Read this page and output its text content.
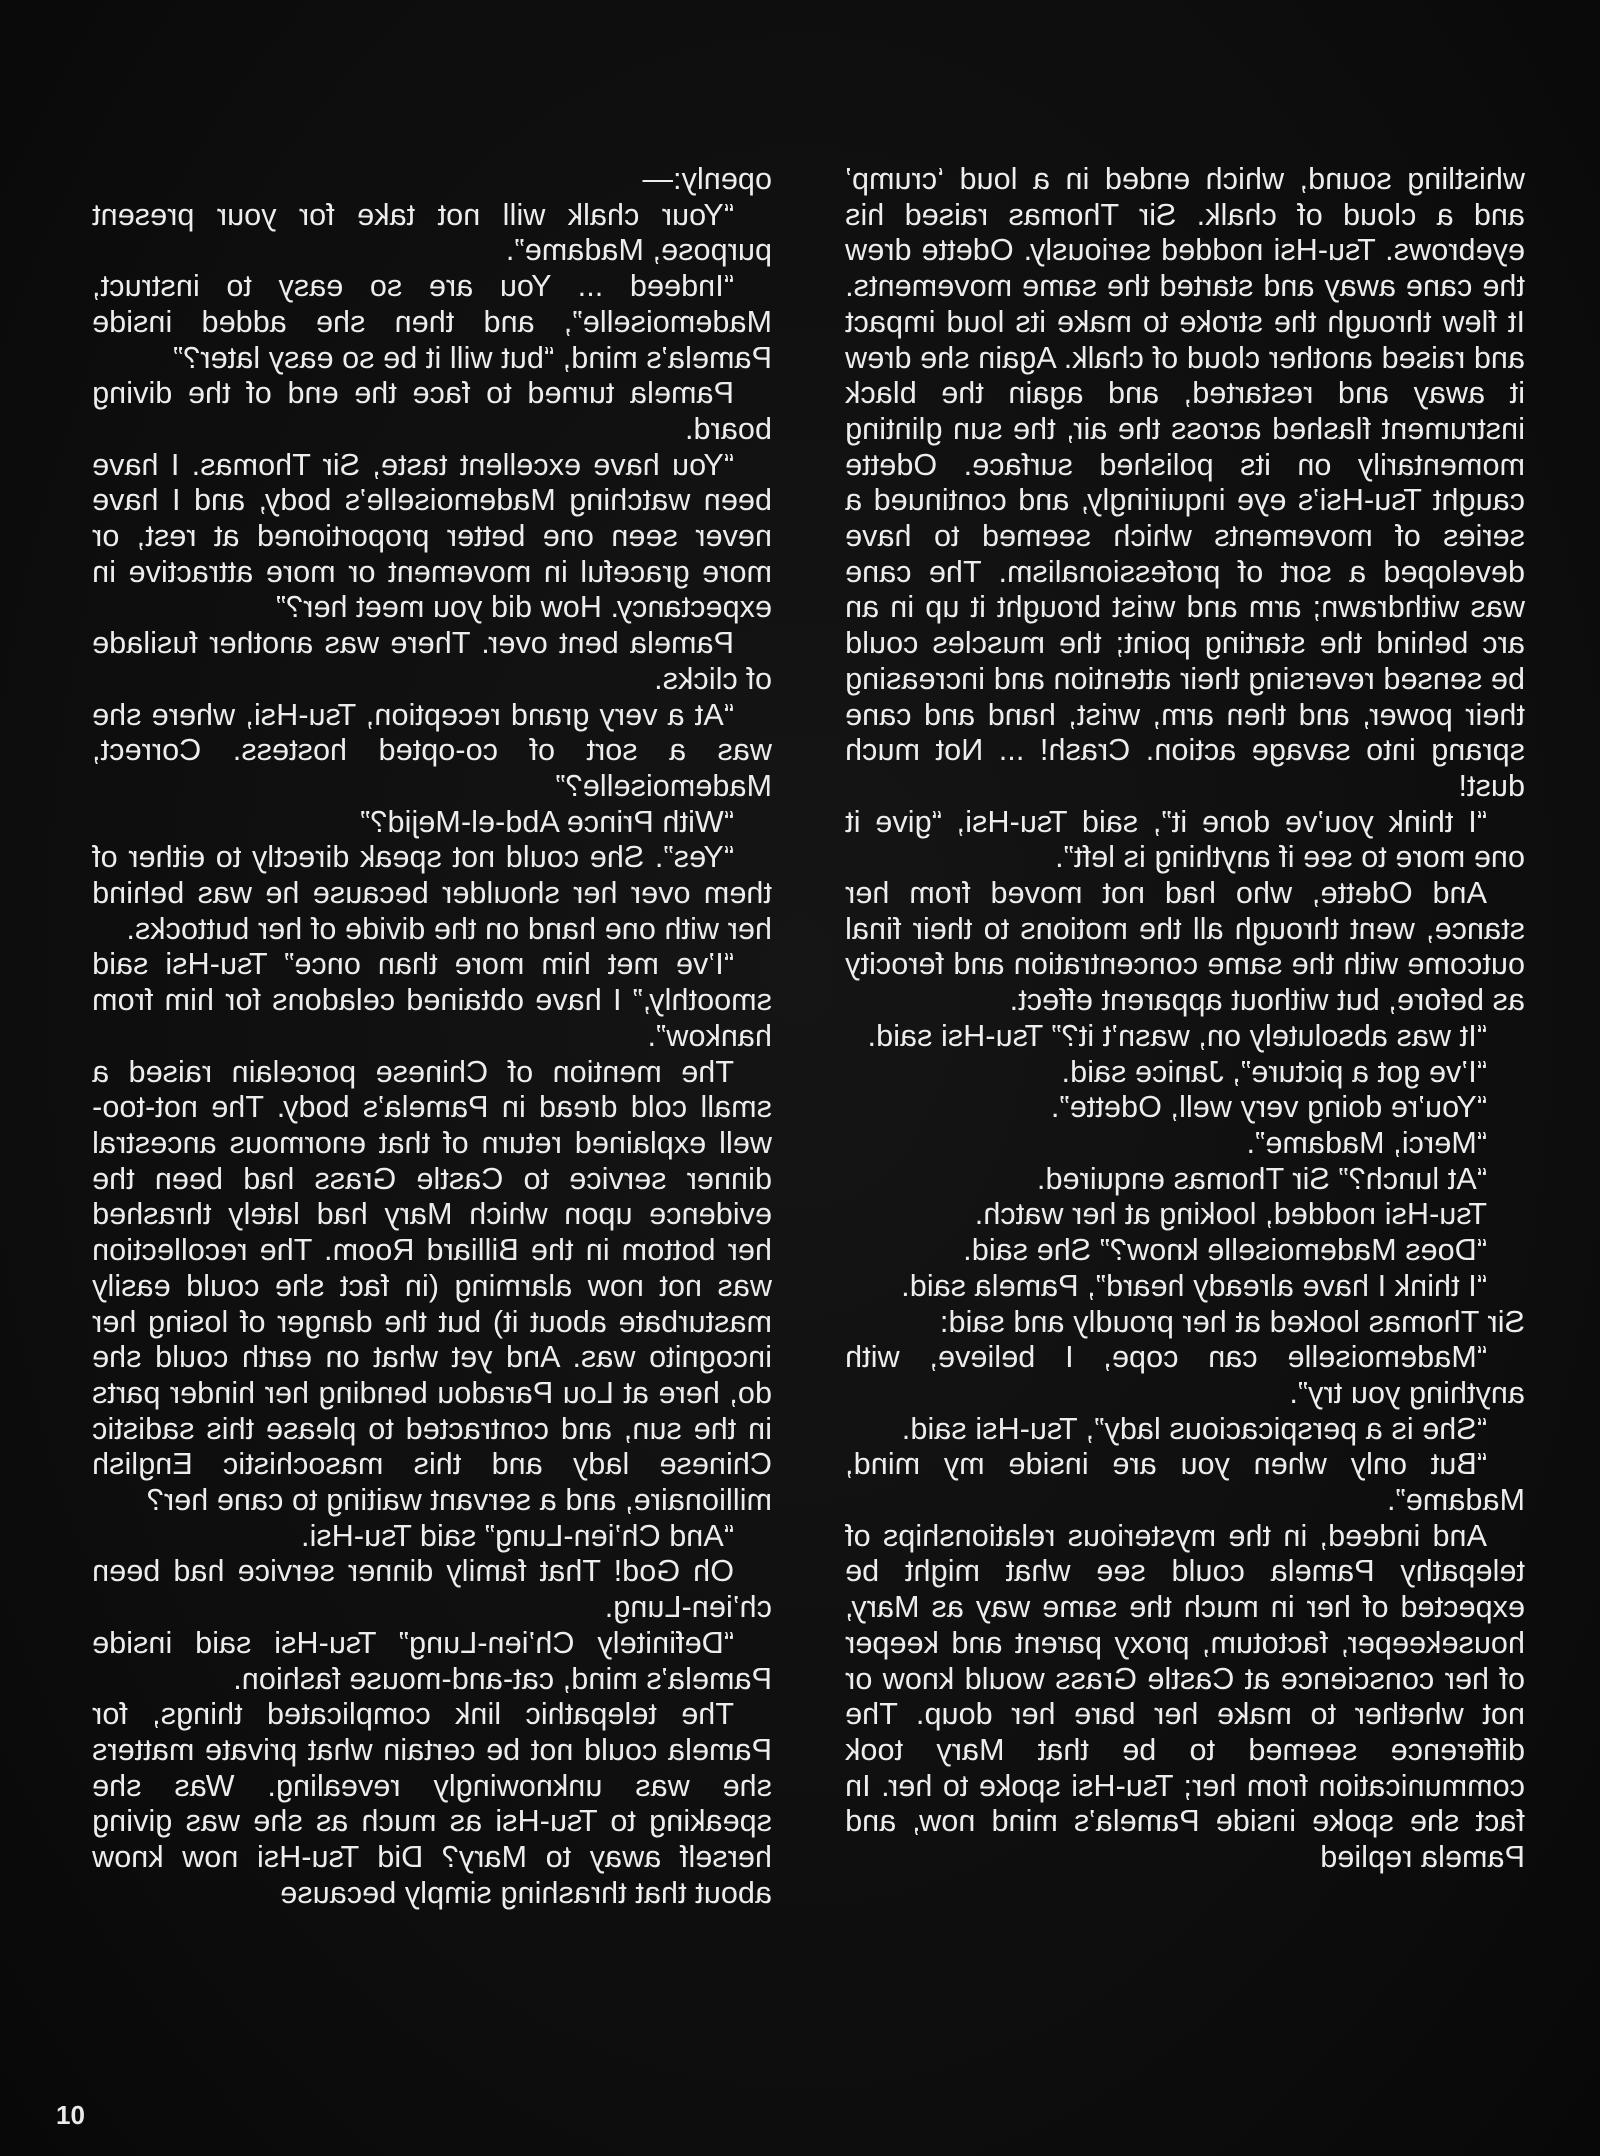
whistling sound, which ended in a loud ‘crump’ and a cloud of chalk. Sir Thomas raised his eyebrows. Tsu-Hsi nodded seriously. Odette drew the cane away and started the same movements. It flew through the stroke to make its loud impact and raised another cloud of chalk. Again she drew it away and restarted, and again the black instrument flashed across the air, the sun glinting momentarily on its polished surface. Odette caught Tsu-Hsi’s eye inquiringly, and continued a series of movements which seemed to have developed a sort of professionalism. The cane was withdrawn; arm and wrist brought it up in an arc behind the starting point; the muscles could be sensed reversing their attention and increasing their power, and then arm, wrist, hand and cane sprang into savage action. Crash! ... Not much dust!

“I think you’ve done it”, said Tsu-Hsi, “give it one more to see if anything is left”.

And Odette, who had not moved from her stance, went through all the motions to their final outcome with the same concentration and ferocity as before, but without apparent effect.

“It was absolutely on, wasn’t it?” Tsu-Hsi said.

“I’ve got a picture”, Janice said.

“You’re doing very well, Odette”.

“Merci, Madame”.

“At lunch?” Sir Thomas enquired.

Tsu-Hsi nodded, looking at her watch.

“Does Mademoiselle know?” She said.

“I think I have already heard”, Pamela said.

Sir Thomas looked at her proudly and said:

“Mademoiselle can cope, I believe, with anything you try”.

“She is a perspicacious lady”, Tsu-Hsi said.

“But only when you are inside my mind, Madame”.

And indeed, in the mysterious relationships of telepathy Pamela could see what might be expected of her in much the same way as Mary, housekeeper, factotum, proxy parent and keeper of her conscience at Castle Grass would know or not whether to make her bare her doup. The difference seemed to be that Mary took communication from her; Tsu-Hsi spoke to her. In fact she spoke inside Pamela’s mind now, and Pamela replied

openly:—

“Your chalk will not take for your present purpose, Madame”.

“Indeed ... You are so easy to instruct, Mademoiselle”, and then she added inside Pamela’s mind, “but will it be so easy later?”

Pamela turned to face the end of the diving board.

“You have excellent taste, Sir Thomas. I have been watching Mademoiselle’s body, and I have never seen one better proportioned at rest, or more graceful in movement or more attractive in expectancy. How did you meet her?”

Pamela bent over. There was another fusilade of clicks.

“At a very grand reception, Tsu-Hsi, where she was a sort of co-opted hostess. Correct, Mademoiselle?”

“With Prince Abd-el-Mejid?”

“Yes”. She could not speak directly to either of them over her shoulder because he was behind her with one hand on the divide of her buttocks.

“I’ve met him more than once” Tsu-Hsi said smoothly,” I have obtained celadons for him from hankow”.

The mention of Chinese porcelain raised a small cold dread in Pamela’s body. The not-too-well explained return of that enormous ancestral dinner service to Castle Grass had been the evidence upon which Mary had lately thrashed her bottom in the Billiard Room. The recollection was not now alarming (in fact she could easily masturbate about it) but the danger of losing her incognito was. And yet what on earth could she do, here at Lou Paradou bending her hinder parts in the sun, and contracted to please this sadistic Chinese lady and this masochistic English millionaire, and a servant waiting to cane her?

“And Ch’ien-Lung” said Tsu-Hsi.

Oh God! That family dinner service had been ch’ien-Lung.

“Definitely Ch’ien-Lung” Tsu-Hsi said inside Pamela’s mind, cat-and-mouse fashion.

The telepathic link complicated things, for Pamela could not be certain what private matters she was unknowingly revealing. Was she speaking to Tsu-Hsi as much as she was giving herself away to Mary? Did Tsu-Hsi now know about that thrashing simply because

10
